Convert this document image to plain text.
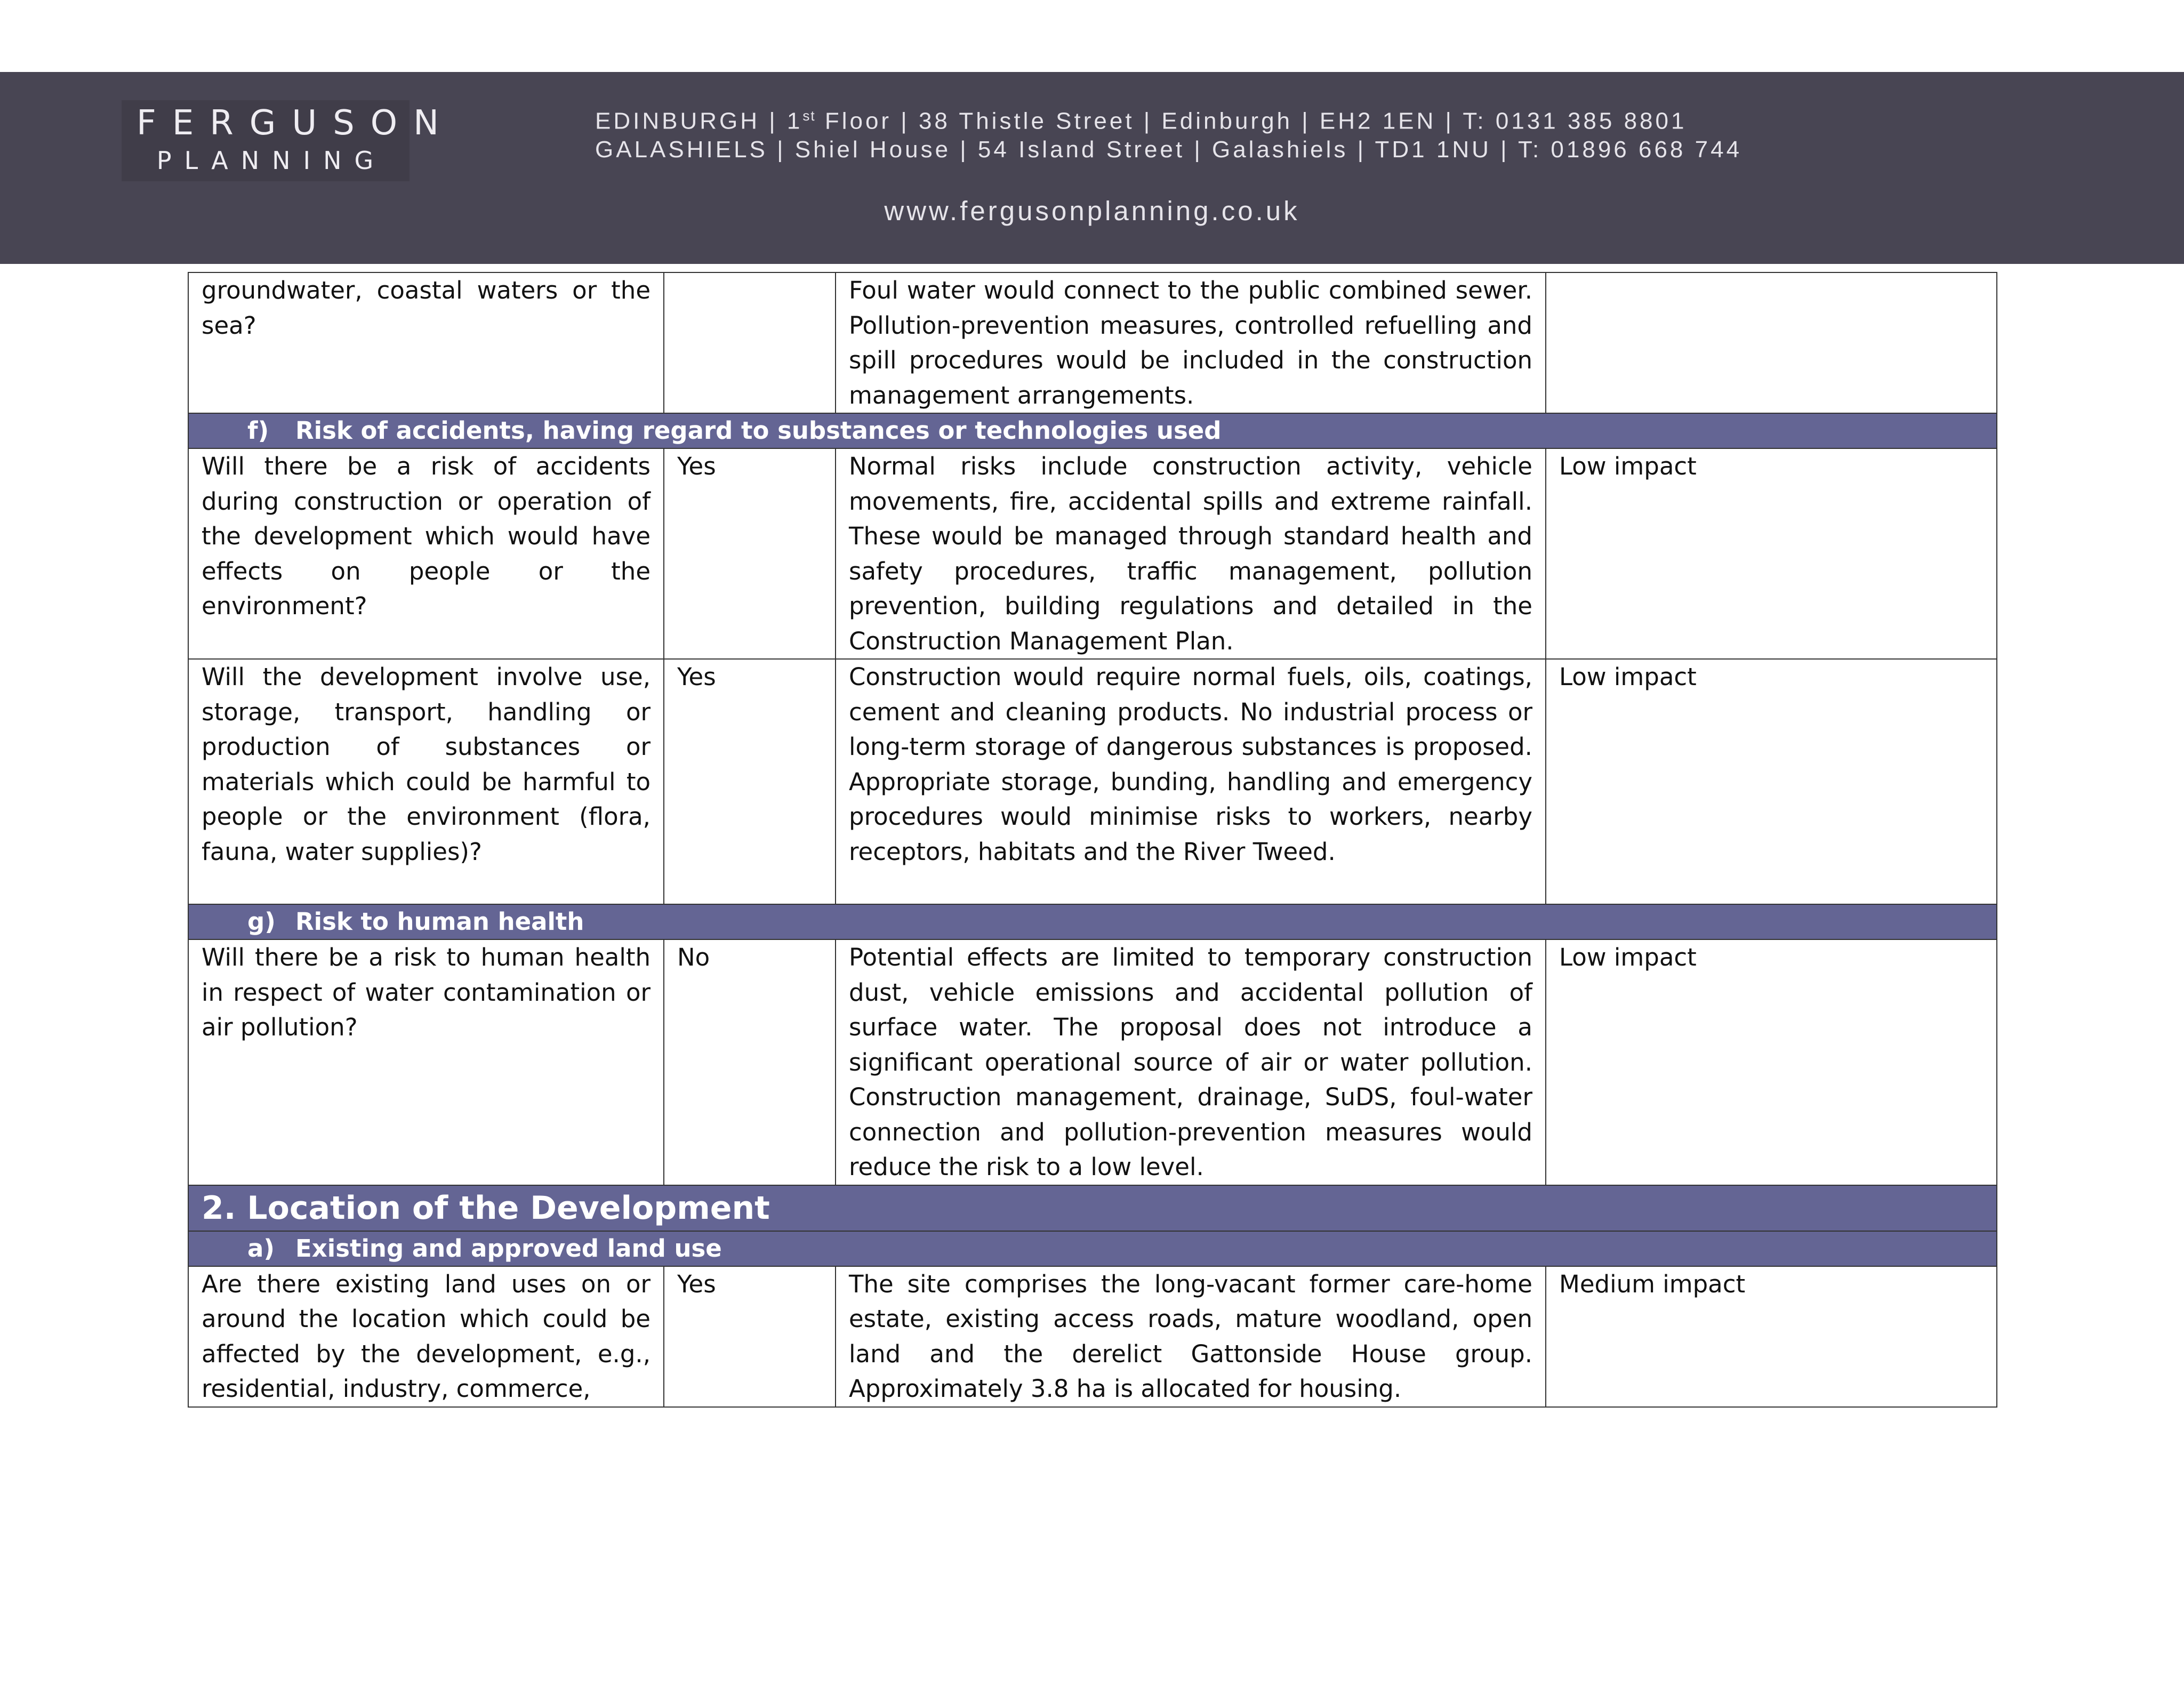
FERGUSON
PLANNING
EDINBURGH | 1st Floor | 38 Thistle Street | Edinburgh | EH2 1EN | T: 0131 385 8801
GALASHIELS | Shiel House | 54 Island Street | Galashiels | TD1 1NU | T: 01896 668 744
www.fergusonplanning.co.uk
groundwater, coastal waters or the sea?		Foul water would connect to the public combined sewer. Pollution-prevention measures, controlled refuelling and spill procedures would be included in the construction management arrangements.	
f) Risk of accidents, having regard to substances or technologies used			
Will there be a risk of accidents during construction or operation of the development which would have effects on people or the environment?	Yes	Normal risks include construction activity, vehicle movements, fire, accidental spills and extreme rainfall. These would be managed through standard health and safety procedures, traffic management, pollution prevention, building regulations and detailed in the Construction Management Plan.	Low impact
Will the development involve use, storage, transport, handling or production of substances or materials which could be harmful to people or the environment (flora, fauna, water supplies)?	Yes	Construction would require normal fuels, oils, coatings, cement and cleaning products. No industrial process or long-term storage of dangerous substances is proposed. Appropriate storage, bunding, handling and emergency procedures would minimise risks to workers, nearby receptors, habitats and the River Tweed.	Low impact
g) Risk to human health			
Will there be a risk to human health in respect of water contamination or air pollution?	No	Potential effects are limited to temporary construction dust, vehicle emissions and accidental pollution of surface water. The proposal does not introduce a significant operational source of air or water pollution. Construction management, drainage, SuDS, foul-water connection and pollution-prevention measures would reduce the risk to a low level.	Low impact
2. Location of the Development			
a) Existing and approved land use			
Are there existing land uses on or around the location which could be affected by the development, e.g., residential, industry, commerce,	Yes	The site comprises the long-vacant former care-home estate, existing access roads, mature woodland, open land and the derelict Gattonside House group. Approximately 3.8 ha is allocated for housing.	Medium impact
